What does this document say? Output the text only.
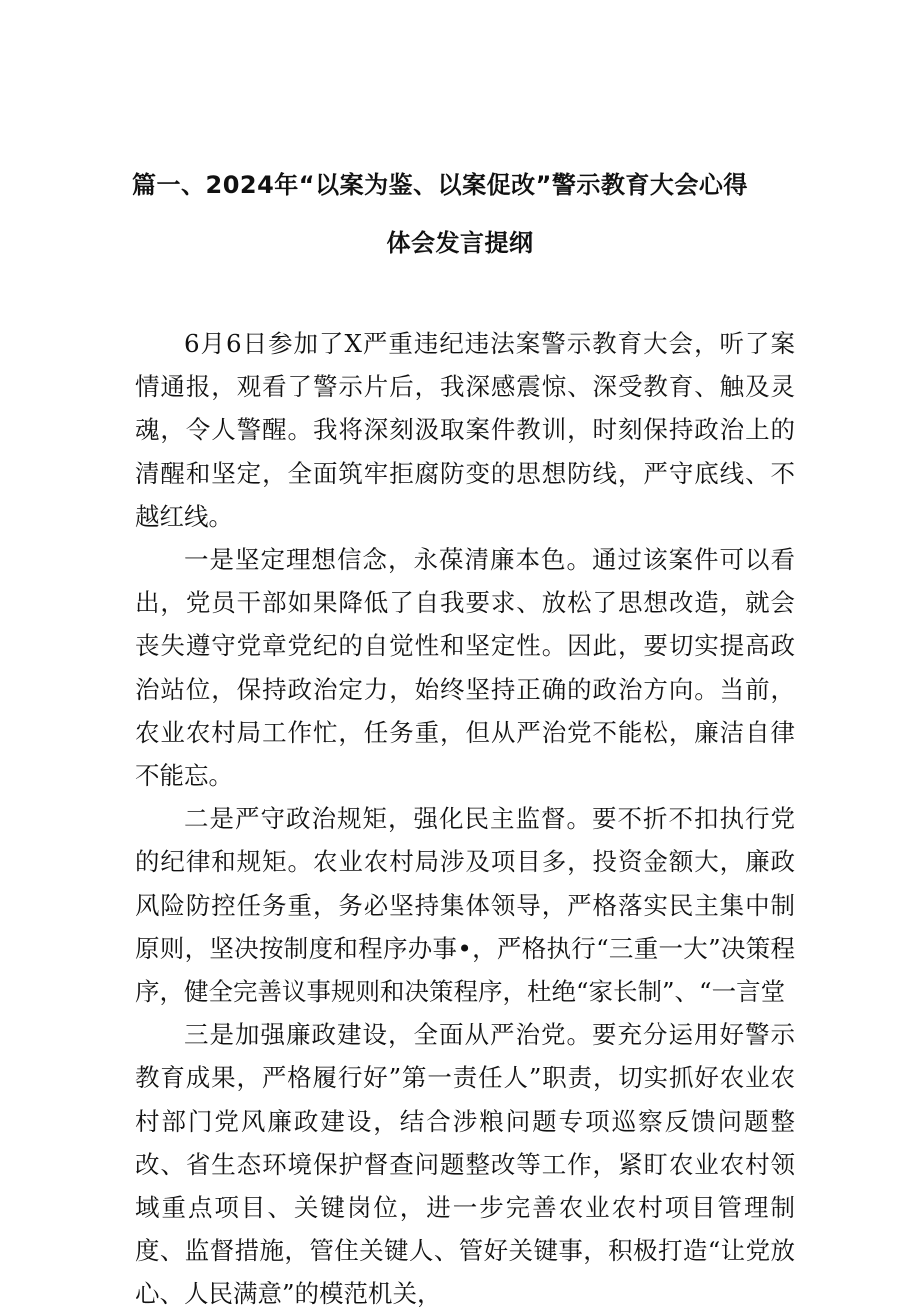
篇一、2024年“以案为鉴、以案促改”警示教育大会心得
体会发言提纲

6月6日参加了X严重违纪违法案警示教育大会，听了案情通报，观看了警示片后，我深感震惊、深受教育、触及灵魂，令人警醒。我将深刻汲取案件教训，时刻保持政治上的清醒和坚定，全面筑牢拒腐防变的思想防线，严守底线、不越红线。

一是坚定理想信念，永葆清廉本色。通过该案件可以看出，党员干部如果降低了自我要求、放松了思想改造，就会丧失遵守党章党纪的自觉性和坚定性。因此，要切实提高政治站位，保持政治定力，始终坚持正确的政治方向。当前，农业农村局工作忙，任务重，但从严治党不能松，廉洁自律不能忘。

二是严守政治规矩，强化民主监督。要不折不扣执行党的纪律和规矩。农业农村局涉及项目多，投资金额大，廉政风险防控任务重，务必坚持集体领导，严格落实民主集中制原则，坚决按制度和程序办事•，严格执行“三重一大”决策程序，健全完善议事规则和决策程序，杜绝“家长制”、“一言堂

三是加强廉政建设，全面从严治党。要充分运用好警示教育成果，严格履行好”第一责任人”职责，切实抓好农业农村部门党风廉政建设，结合涉粮问题专项巡察反馈问题整改、省生态环境保护督查问题整改等工作，紧盯农业农村领域重点项目、关键岗位，进一步完善农业农村项目管理制度、监督措施，管住关键人、管好关键事，积极打造“让党放心、人民满意”的模范机关，
